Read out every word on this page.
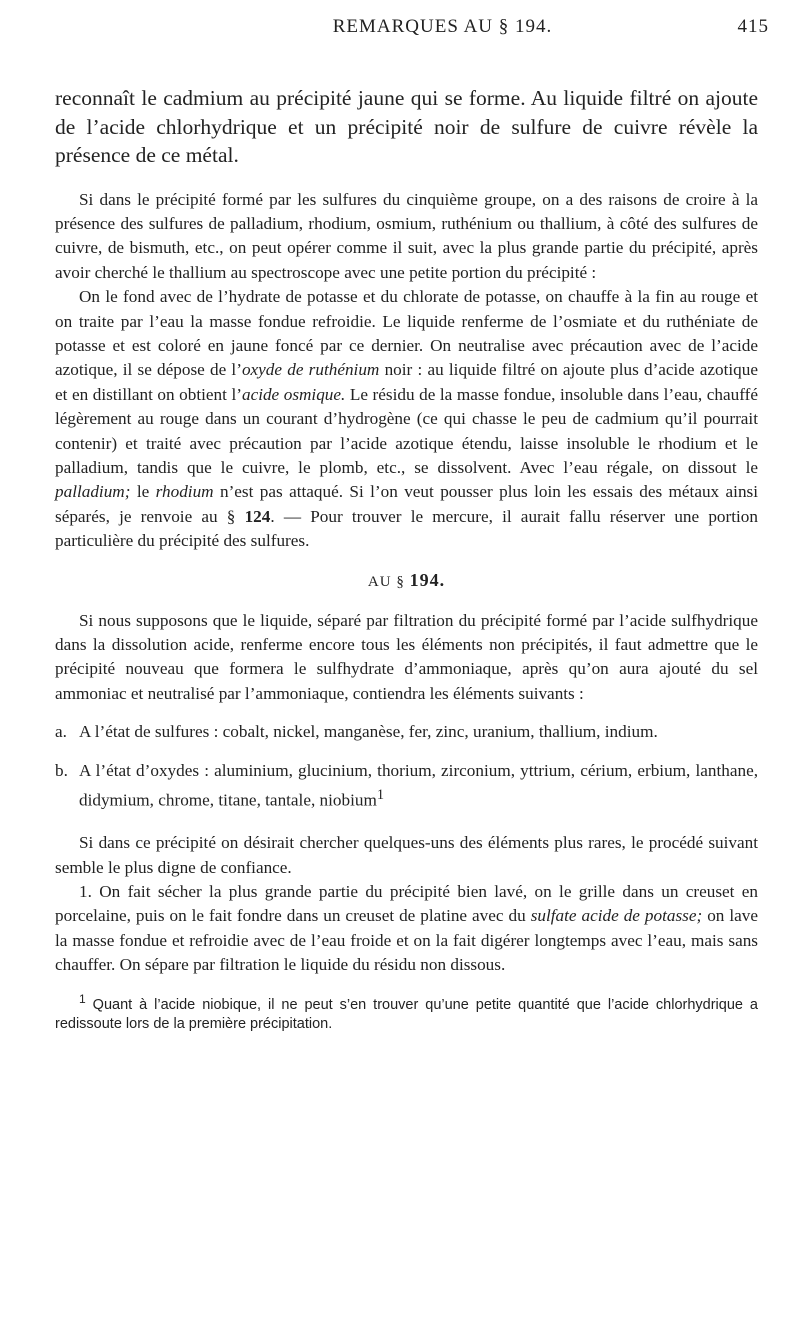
REMARQUES AU § 194.	415

reconnaît le cadmium au précipité jaune qui se forme. Au liquide filtré on ajoute de l’acide chlorhydrique et un précipité noir de sulfure de cuivre révèle la présence de ce métal.

Si dans le précipité formé par les sulfures du cinquième groupe, on a des raisons de croire à la présence des sulfures de palladium, rhodium, osmium, ruthénium ou thallium, à côté des sulfures de cuivre, de bismuth, etc., on peut opérer comme il suit, avec la plus grande partie du précipité, après avoir cherché le thallium au spectroscope avec une petite portion du précipité :

On le fond avec de l’hydrate de potasse et du chlorate de potasse, on chauffe à la fin au rouge et on traite par l’eau la masse fondue refroidie. Le liquide renferme de l’osmiate et du ruthéniate de potasse et est coloré en jaune foncé par ce dernier. On neutralise avec précaution avec de l’acide azotique, il se dépose de l’oxyde de ruthénium noir : au liquide filtré on ajoute plus d’acide azotique et en distillant on obtient l’acide osmique. Le résidu de la masse fondue, insoluble dans l’eau, chauffé légèrement au rouge dans un courant d’hydrogène (ce qui chasse le peu de cadmium qu’il pourrait contenir) et traité avec précaution par l’acide azotique étendu, laisse insoluble le rhodium et le palladium, tandis que le cuivre, le plomb, etc., se dissolvent. Avec l’eau régale, on dissout le palladium; le rhodium n’est pas attaqué. Si l’on veut pousser plus loin les essais des métaux ainsi séparés, je renvoie au § 124. — Pour trouver le mercure, il aurait fallu réserver une portion particulière du précipité des sulfures.

AU § 194.

Si nous supposons que le liquide, séparé par filtration du précipité formé par l’acide sulfhydrique dans la dissolution acide, renferme encore tous les éléments non précipités, il faut admettre que le précipité nouveau que formera le sulfhydrate d’ammoniaque, après qu’on aura ajouté du sel ammoniac et neutralisé par l’ammoniaque, contiendra les éléments suivants :

a. A l’état de sulfures : cobalt, nickel, manganèse, fer, zinc, uranium, thallium, indium.

b. A l’état d’oxydes : aluminium, glucinium, thorium, zirconium, yttrium, cérium, erbium, lanthane, didymium, chrome, titane, tantale, niobium$^1$

Si dans ce précipité on désirait chercher quelques-uns des éléments plus rares, le procédé suivant semble le plus digne de confiance.

1. On fait sécher la plus grande partie du précipité bien lavé, on le grille dans un creuset en porcelaine, puis on le fait fondre dans un creuset de platine avec du sulfate acide de potasse; on lave la masse fondue et refroidie avec de l’eau froide et on la fait digérer longtemps avec l’eau, mais sans chauffer. On sépare par filtration le liquide du résidu non dissous.

$^1$ Quant à l’acide niobique, il ne peut s’en trouver qu’une petite quantité que l’acide chlorhydrique a redissoute lors de la première précipitation.
